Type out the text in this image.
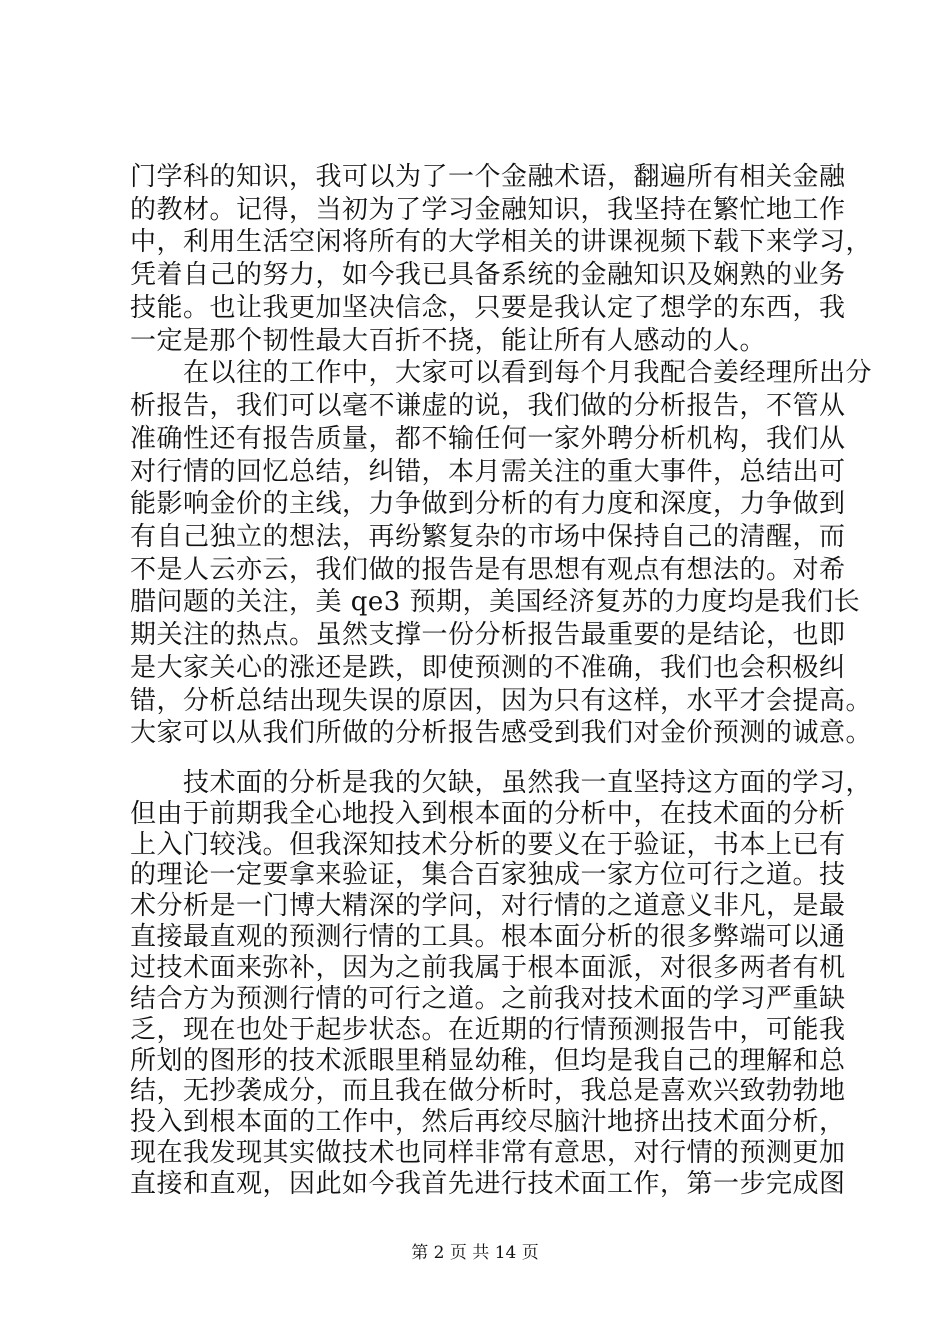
门学科的知识，我可以为了一个金融术语，翻遍所有相关金融
的教材。记得，当初为了学习金融知识，我坚持在繁忙地工作
中，利用生活空闲将所有的大学相关的讲课视频下载下来学习，
凭着自己的努力，如今我已具备系统的金融知识及娴熟的业务
技能。也让我更加坚决信念，只要是我认定了想学的东西，我
一定是那个韧性最大百折不挠，能让所有人感动的人。
　　在以往的工作中，大家可以看到每个月我配合姜经理所出分
析报告，我们可以毫不谦虚的说，我们做的分析报告，不管从
准确性还有报告质量，都不输任何一家外聘分析机构，我们从
对行情的回忆总结，纠错，本月需关注的重大事件，总结出可
能影响金价的主线，力争做到分析的有力度和深度，力争做到
有自己独立的想法，再纷繁复杂的市场中保持自己的清醒，而
不是人云亦云，我们做的报告是有思想有观点有想法的。对希
腊问题的关注，美 qe3 预期，美国经济复苏的力度均是我们长
期关注的热点。虽然支撑一份分析报告最重要的是结论，也即
是大家关心的涨还是跌，即使预测的不准确，我们也会积极纠
错，分析总结出现失误的原因，因为只有这样，水平才会提高。
大家可以从我们所做的分析报告感受到我们对金价预测的诚意。
　　技术面的分析是我的欠缺，虽然我一直坚持这方面的学习，
但由于前期我全心地投入到根本面的分析中，在技术面的分析
上入门较浅。但我深知技术分析的要义在于验证，书本上已有
的理论一定要拿来验证，集合百家独成一家方位可行之道。技
术分析是一门博大精深的学问，对行情的之道意义非凡，是最
直接最直观的预测行情的工具。根本面分析的很多弊端可以通
过技术面来弥补，因为之前我属于根本面派，对很多两者有机
结合方为预测行情的可行之道。之前我对技术面的学习严重缺
乏，现在也处于起步状态。在近期的行情预测报告中，可能我
所划的图形的技术派眼里稍显幼稚，但均是我自己的理解和总
结，无抄袭成分，而且我在做分析时，我总是喜欢兴致勃勃地
投入到根本面的工作中，然后再绞尽脑汁地挤出技术面分析，
现在我发现其实做技术也同样非常有意思，对行情的预测更加
直接和直观，因此如今我首先进行技术面工作，第一步完成图
第 2 页 共 14 页
